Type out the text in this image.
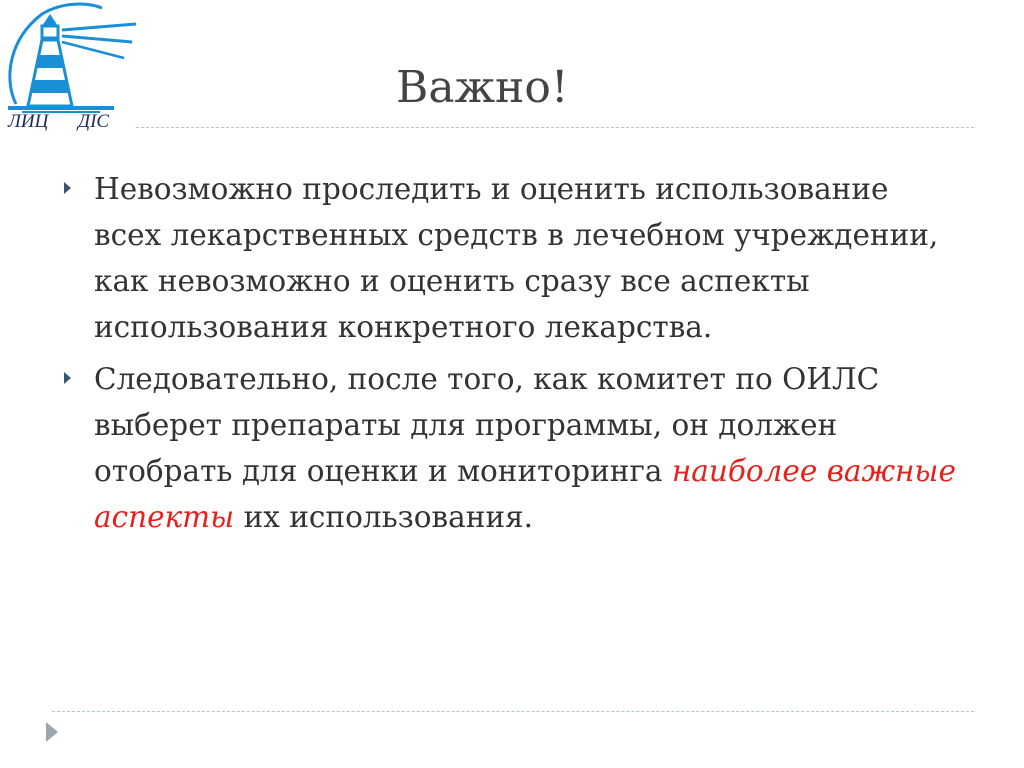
ЛИЦ ДІС
Важно!
Невозможно проследить и оценить использование всех лекарственных средств в лечебном учреждении, как невозможно и оценить сразу все аспекты использования конкретного лекарства.
Следовательно, после того, как комитет по ОИЛС выберет препараты для программы, он должен отобрать для оценки и мониторинга наиболее важные аспекты их использования.
